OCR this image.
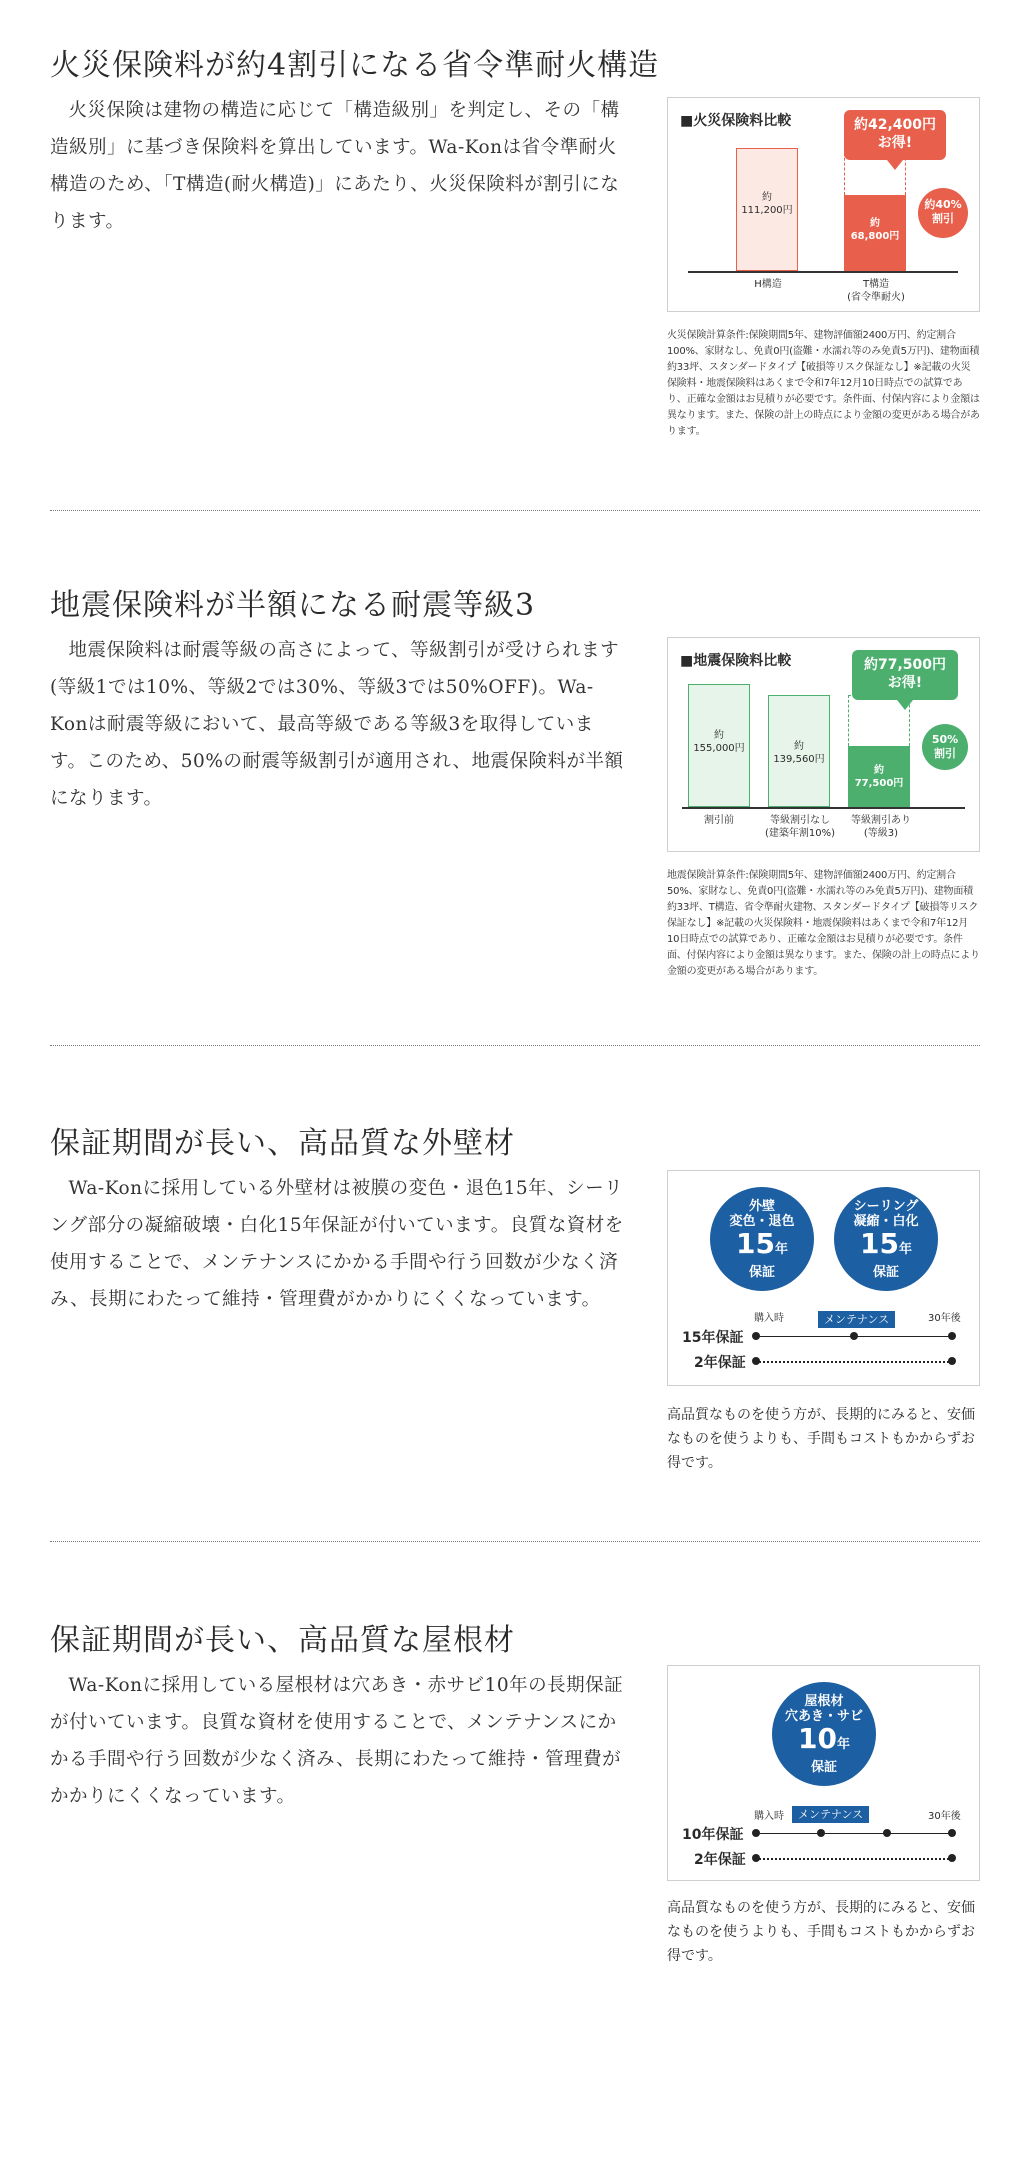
火災保険料が約4割引になる省令準耐火構造

火災保険は建物の構造に応じて「構造級別」を判定し、その「構造級別」に基づき保険料を算出しています。Wa-Konは省令準耐火構造のため、「T構造(耐火構造)」にあたり、火災保険料が割引になります。

■火災保険料比較
約
111,200円
約
68,800円
H構造	T構造
(省令準耐火)
約42,400円
お得!
約40%
割引
火災保険計算条件:保険期間5年、建物評価額2400万円、約定割合100%、家財なし、免責0円(盗難・水濡れ等のみ免責5万円)、建物面積約33坪、スタンダードタイプ【破損等リスク保証なし】※記載の火災保険料・地震保険料はあくまで令和7年12月10日時点での試算であり、正確な金額はお見積りが必要です。条件面、付保内容により金額は異なります。また、保険の計上の時点により金額の変更がある場合があります。
地震保険料が半額になる耐震等級3

地震保険料は耐震等級の高さによって、等級割引が受けられます(等級1では10%、等級2では30%、等級3では50%OFF)。Wa-Konは耐震等級において、最高等級である等級3を取得しています。このため、50%の耐震等級割引が適用され、地震保険料が半額になります。

■地震保険料比較
約
155,000円	約
139,560円
約
77,500円
割引前	等級割引なし
(建築年割10%)
等級割引あり
(等級3)
約77,500円
お得!
50%
割引
地震保険計算条件:保険期間5年、建物評価額2400万円、約定割合50%、家財なし、免責0円(盗難・水濡れ等のみ免責5万円)、建物面積約33坪、T構造、省令準耐火建物、スタンダードタイプ【破損等リスク保証なし】※記載の火災保険料・地震保険料はあくまで令和7年12月10日時点での試算であり、正確な金額はお見積りが必要です。条件面、付保内容により金額は異なります。また、保険の計上の時点により金額の変更がある場合があります。
保証期間が長い、高品質な外壁材

Wa-Konに採用している外壁材は被膜の変色・退色15年、シーリング部分の凝縮破壊・白化15年保証が付いています。良質な資材を使用することで、メンテナンスにかかる手間や行う回数が少なく済み、長期にわたって維持・管理費がかかりにくくなっています。

外壁
変色・退色
15年
保証
シーリング
凝縮・白化
15年
保証
購入時	30年後
メンテナンス
15年保証
2年保証
高品質なものを使う方が、長期的にみると、安価なものを使うよりも、手間もコストもかからずお得です。
保証期間が長い、高品質な屋根材

Wa-Konに採用している屋根材は穴あき・赤サビ10年の長期保証が付いています。良質な資材を使用することで、メンテナンスにかかる手間や行う回数が少なく済み、長期にわたって維持・管理費がかかりにくくなっています。

屋根材
穴あき・サビ
10年
保証
購入時	30年後
メンテナンス
10年保証
2年保証
高品質なものを使う方が、長期的にみると、安価なものを使うよりも、手間もコストもかからずお得です。
